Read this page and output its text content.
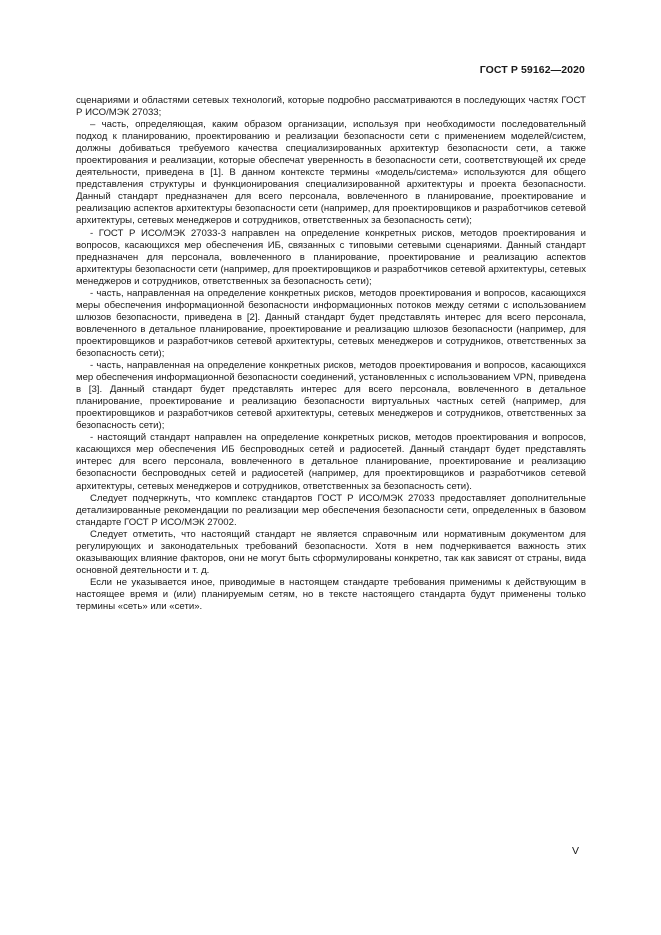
ГОСТ Р 59162—2020

сценариями и областями сетевых технологий, которые подробно рассматриваются в последующих частях ГОСТ Р ИСО/МЭК 27033;

– часть, определяющая, каким образом организации, используя при необходимости последовательный подход к планированию, проектированию и реализации безопасности сети с применением моделей/систем, должны добиваться требуемого качества специализированных архитектур безопасности сети, а также проектирования и реализации, которые обеспечат уверенность в безопасности сети, соответствующей их среде деятельности, приведена в [1]. В данном контексте термины «модель/система» используются для общего представления структуры и функционирования специализированной архитектуры и проекта безопасности. Данный стандарт предназначен для всего персонала, вовлеченного в планирование, проектирование и реализацию аспектов архитектуры безопасности сети (например, для проектировщиков и разработчиков сетевой архитектуры, сетевых менеджеров и сотрудников, ответственных за безопасность сети);

- ГОСТ Р ИСО/МЭК 27033-3 направлен на определение конкретных рисков, методов проектирования и вопросов, касающихся мер обеспечения ИБ, связанных с типовыми сетевыми сценариями. Данный стандарт предназначен для персонала, вовлеченного в планирование, проектирование и реализацию аспектов архитектуры безопасности сети (например, для проектировщиков и разработчиков сетевой архитектуры, сетевых менеджеров и сотрудников, ответственных за безопасность сети);

- часть, направленная на определение конкретных рисков, методов проектирования и вопросов, касающихся меры обеспечения информационной безопасности информационных потоков между сетями с использованием шлюзов безопасности, приведена в [2]. Данный стандарт будет представлять интерес для всего персонала, вовлеченного в детальное планирование, проектирование и реализацию шлюзов безопасности (например, для проектировщиков и разработчиков сетевой архитектуры, сетевых менеджеров и сотрудников, ответственных за безопасность сети);

- часть, направленная на определение конкретных рисков, методов проектирования и вопросов, касающихся мер обеспечения информационной безопасности соединений, установленных с использованием VPN, приведена в [3]. Данный стандарт будет представлять интерес для всего персонала, вовлеченного в детальное планирование, проектирование и реализацию безопасности виртуальных частных сетей (например, для проектировщиков и разработчиков сетевой архитектуры, сетевых менеджеров и сотрудников, ответственных за безопасность сети);

- настоящий стандарт направлен на определение конкретных рисков, методов проектирования и вопросов, касающихся мер обеспечения ИБ беспроводных сетей и радиосетей. Данный стандарт будет представлять интерес для всего персонала, вовлеченного в детальное планирование, проектирование и реализацию безопасности беспроводных сетей и радиосетей (например, для проектировщиков и разработчиков сетевой архитектуры, сетевых менеджеров и сотрудников, ответственных за безопасность сети).

Следует подчеркнуть, что комплекс стандартов ГОСТ Р ИСО/МЭК 27033 предоставляет дополнительные детализированные рекомендации по реализации мер обеспечения безопасности сети, определенных в базовом стандарте ГОСТ Р ИСО/МЭК 27002.

Следует отметить, что настоящий стандарт не является справочным или нормативным документом для регулирующих и законодательных требований безопасности. Хотя в нем подчеркивается важность этих оказывающих влияние факторов, они не могут быть сформулированы конкретно, так как зависят от страны, вида основной деятельности и т. д.

Если не указывается иное, приводимые в настоящем стандарте требования применимы к действующим в настоящее время и (или) планируемым сетям, но в тексте настоящего стандарта будут применены только термины «сеть» или «сети».

V
